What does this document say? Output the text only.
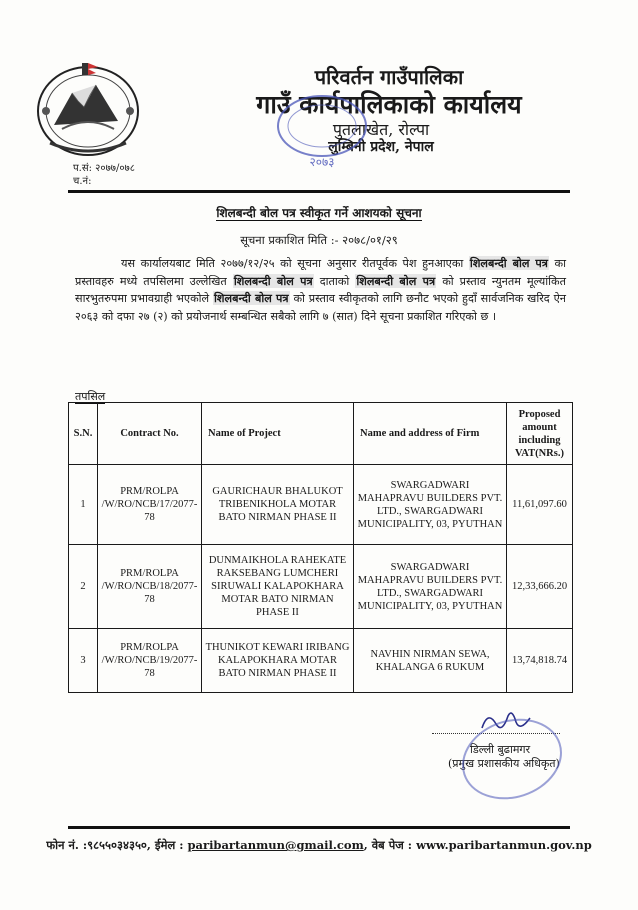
परिवर्तन गाउँपालिका
गाउँ कार्यपालिकाको कार्यालय
पुतलाखेत, रोल्पा
लुम्बिनी प्रदेश, नेपाल
२०७३
प.सं: २०७७/०७८
च.नं:
शिलबन्दी बोल पत्र स्वीकृत गर्ने आशयको सूचना
सूचना प्रकाशित मिति :- २०७८/०१/२९
यस कार्यालयबाट मिति २०७७/१२/२५ को सूचना अनुसार रीतपूर्वक पेश हुनआएका शिलबन्दी बोल पत्र का प्रस्तावहरु मध्ये तपसिलमा उल्लेखित शिलबन्दी बोल पत्र दाताको शिलबन्दी बोल पत्र को प्रस्ताव न्युनतम मूल्यांकित सारभुतरुपमा प्रभावग्राही भएकोले शिलबन्दी बोल पत्र को प्रस्ताव स्वीकृतको लागि छनौट भएको हुदाँ सार्वजनिक खरिद ऐन २०६३ को दफा २७ (२) को प्रयोजनार्थ सम्बन्धित सबैको लागि ७ (सात) दिने सूचना प्रकाशित गरिएको छ ।
तपसिल
S.N.	Contract No.	Name of Project	Name and address of Firm	Proposed amount including VAT(NRs.)
1	PRM/ROLPA /W/RO/NCB/17/2077-78	GAURICHAUR BHALUKOT TRIBENIKHOLA MOTAR BATO NIRMAN PHASE II	SWARGADWARI MAHAPRAVU BUILDERS PVT. LTD., SWARGADWARI MUNICIPALITY, 03, PYUTHAN	11,61,097.60
2	PRM/ROLPA /W/RO/NCB/18/2077-78	DUNMAIKHOLA RAHEKATE RAKSEBANG LUMCHERI SIRUWALI KALAPOKHARA MOTAR BATO NIRMAN PHASE II	SWARGADWARI MAHAPRAVU BUILDERS PVT. LTD., SWARGADWARI MUNICIPALITY, 03, PYUTHAN	12,33,666.20
3	PRM/ROLPA /W/RO/NCB/19/2077-78	THUNIKOT KEWARI IRIBANG KALAPOKHARA MOTAR BATO NIRMAN PHASE II	NAVHIN NIRMAN SEWA, KHALANGA 6 RUKUM	13,74,818.74
डिल्ली बुढामगर
(प्रमुख प्रशासकीय अधिकृत)
फोन नं. :९८५५०३४३५०, ईमेल : paribartanmun@gmail.com, वेब पेज : www.paribartanmun.gov.np
